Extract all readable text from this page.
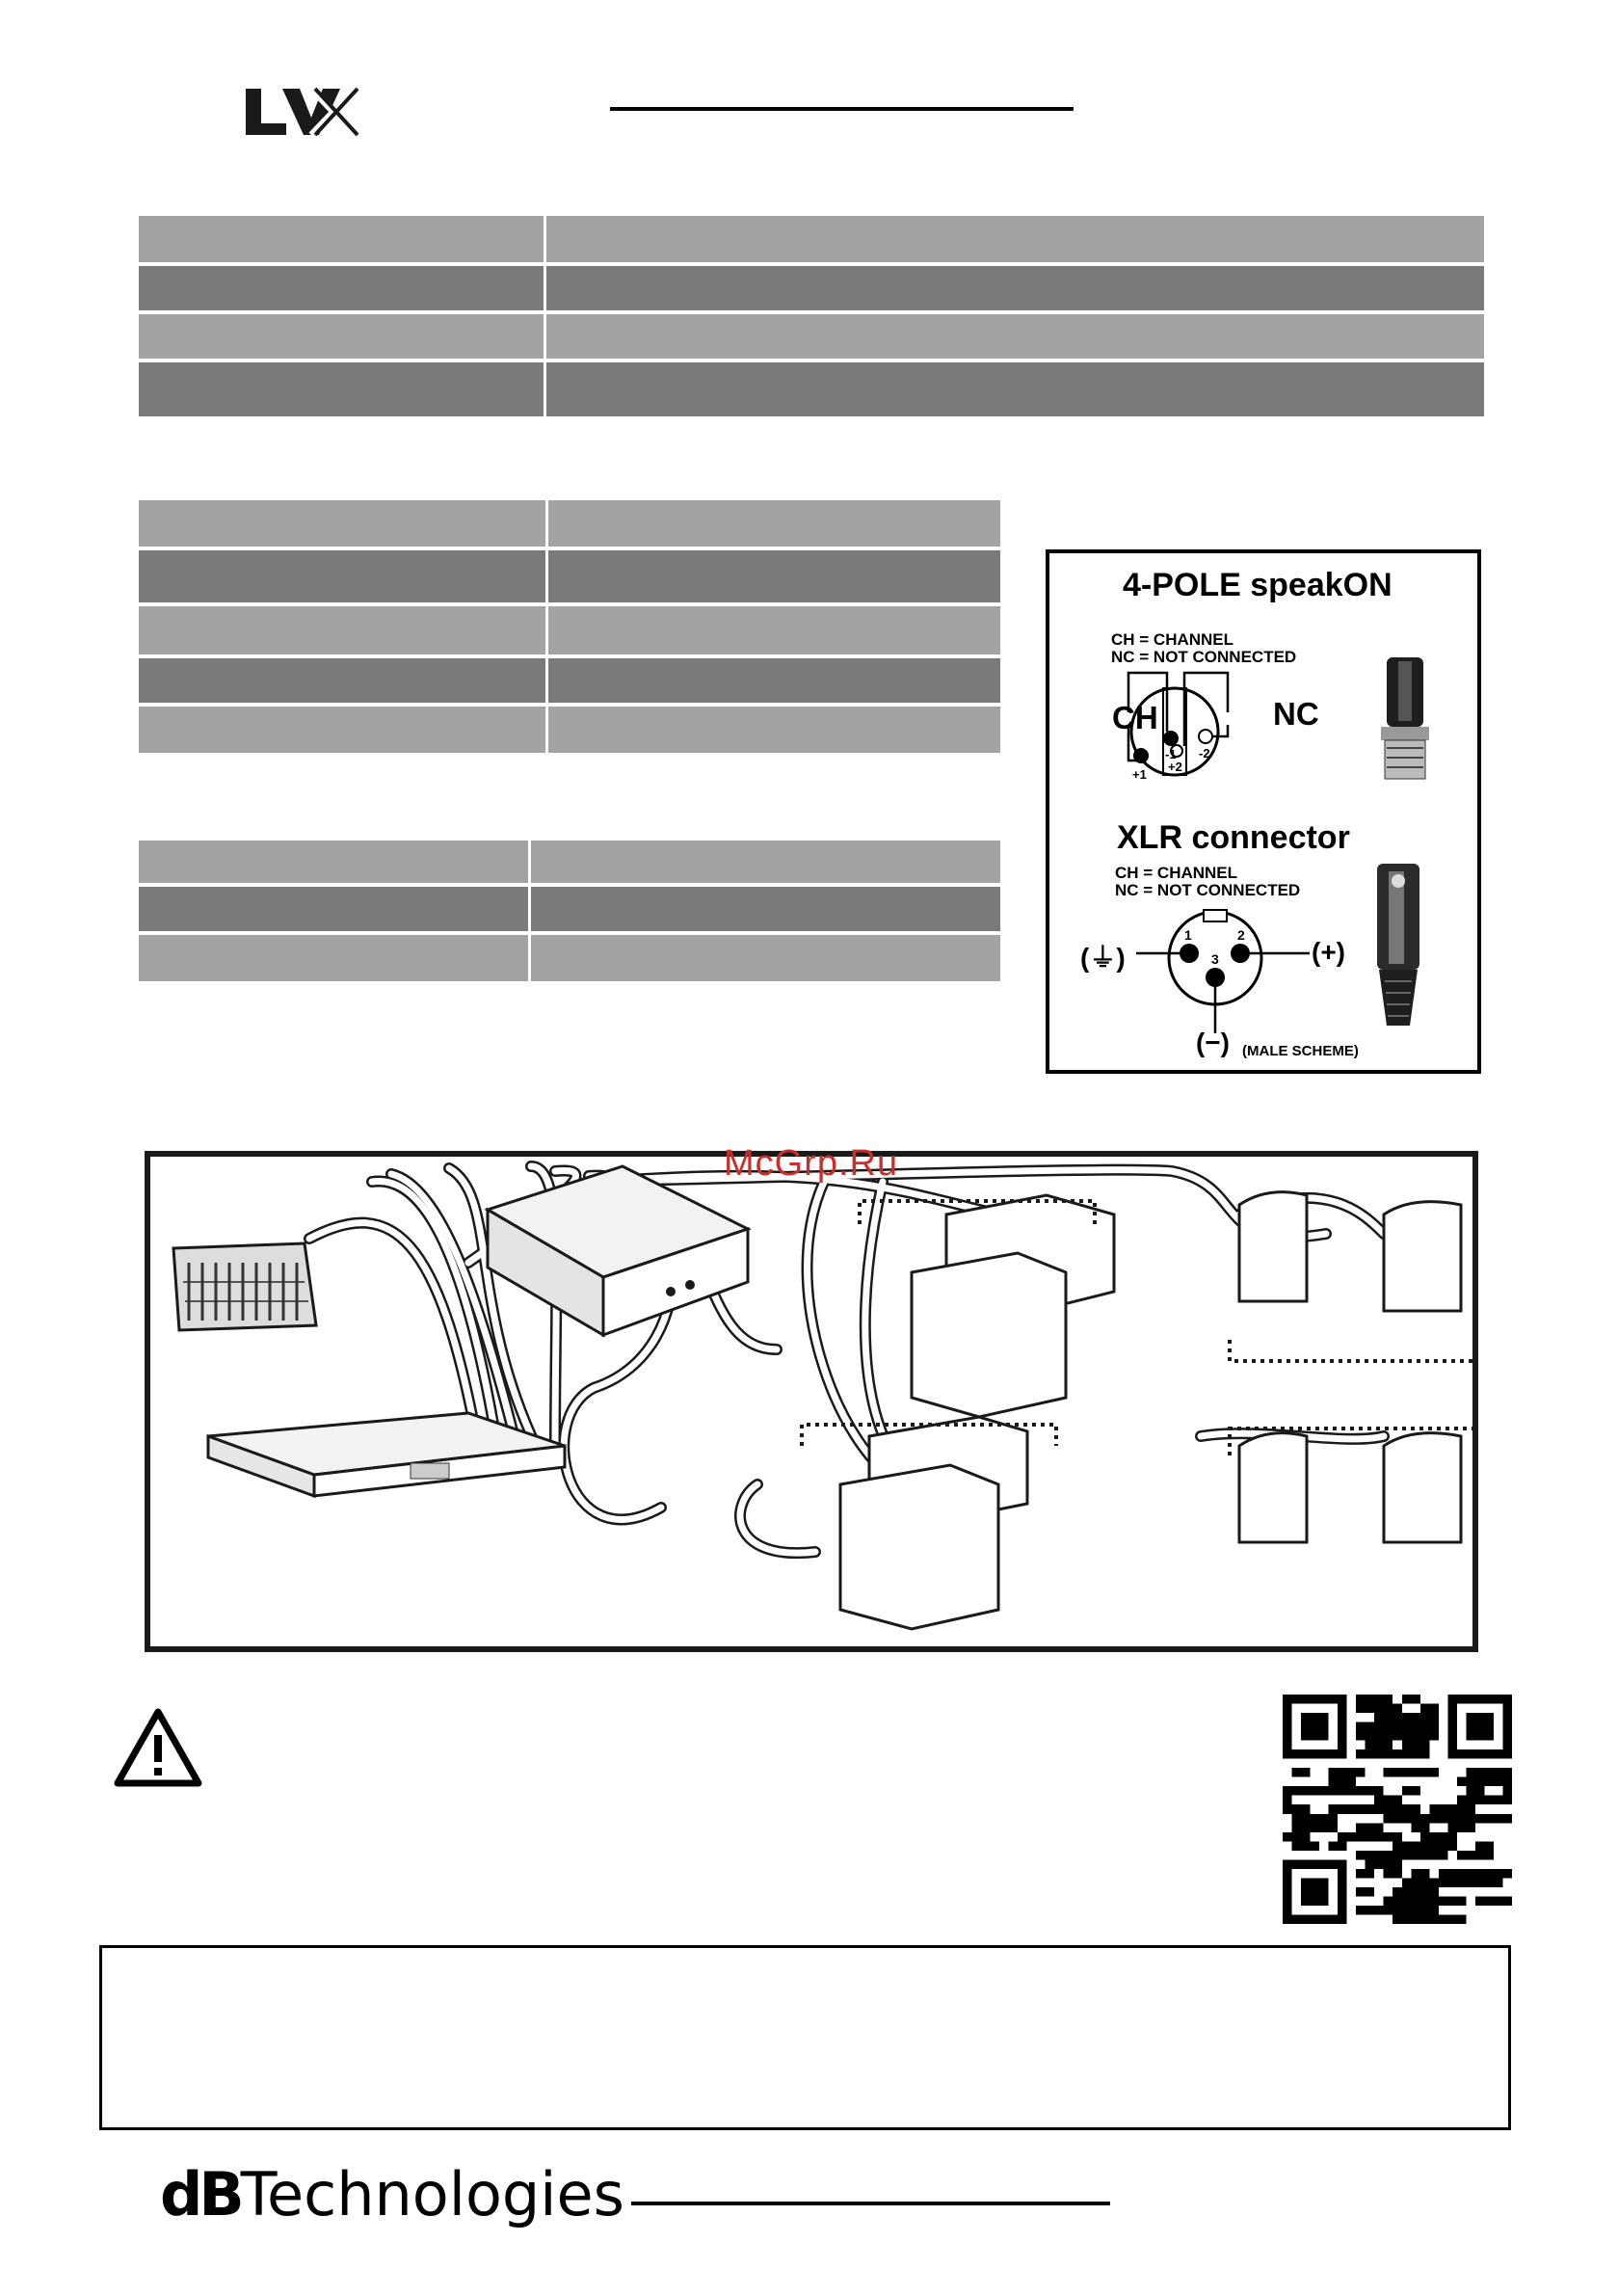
4-POLE speakON
CH = CHANNEL
NC = NOT CONNECTED
CH	NC
+1
-1
+2
-2
XLR connector
CH = CHANNEL
NC = NOT CONNECTED
1	2
3
(⏚)	(+)
(−) (MALE SCHEME)
McGrp.Ru
dBTechnologies
